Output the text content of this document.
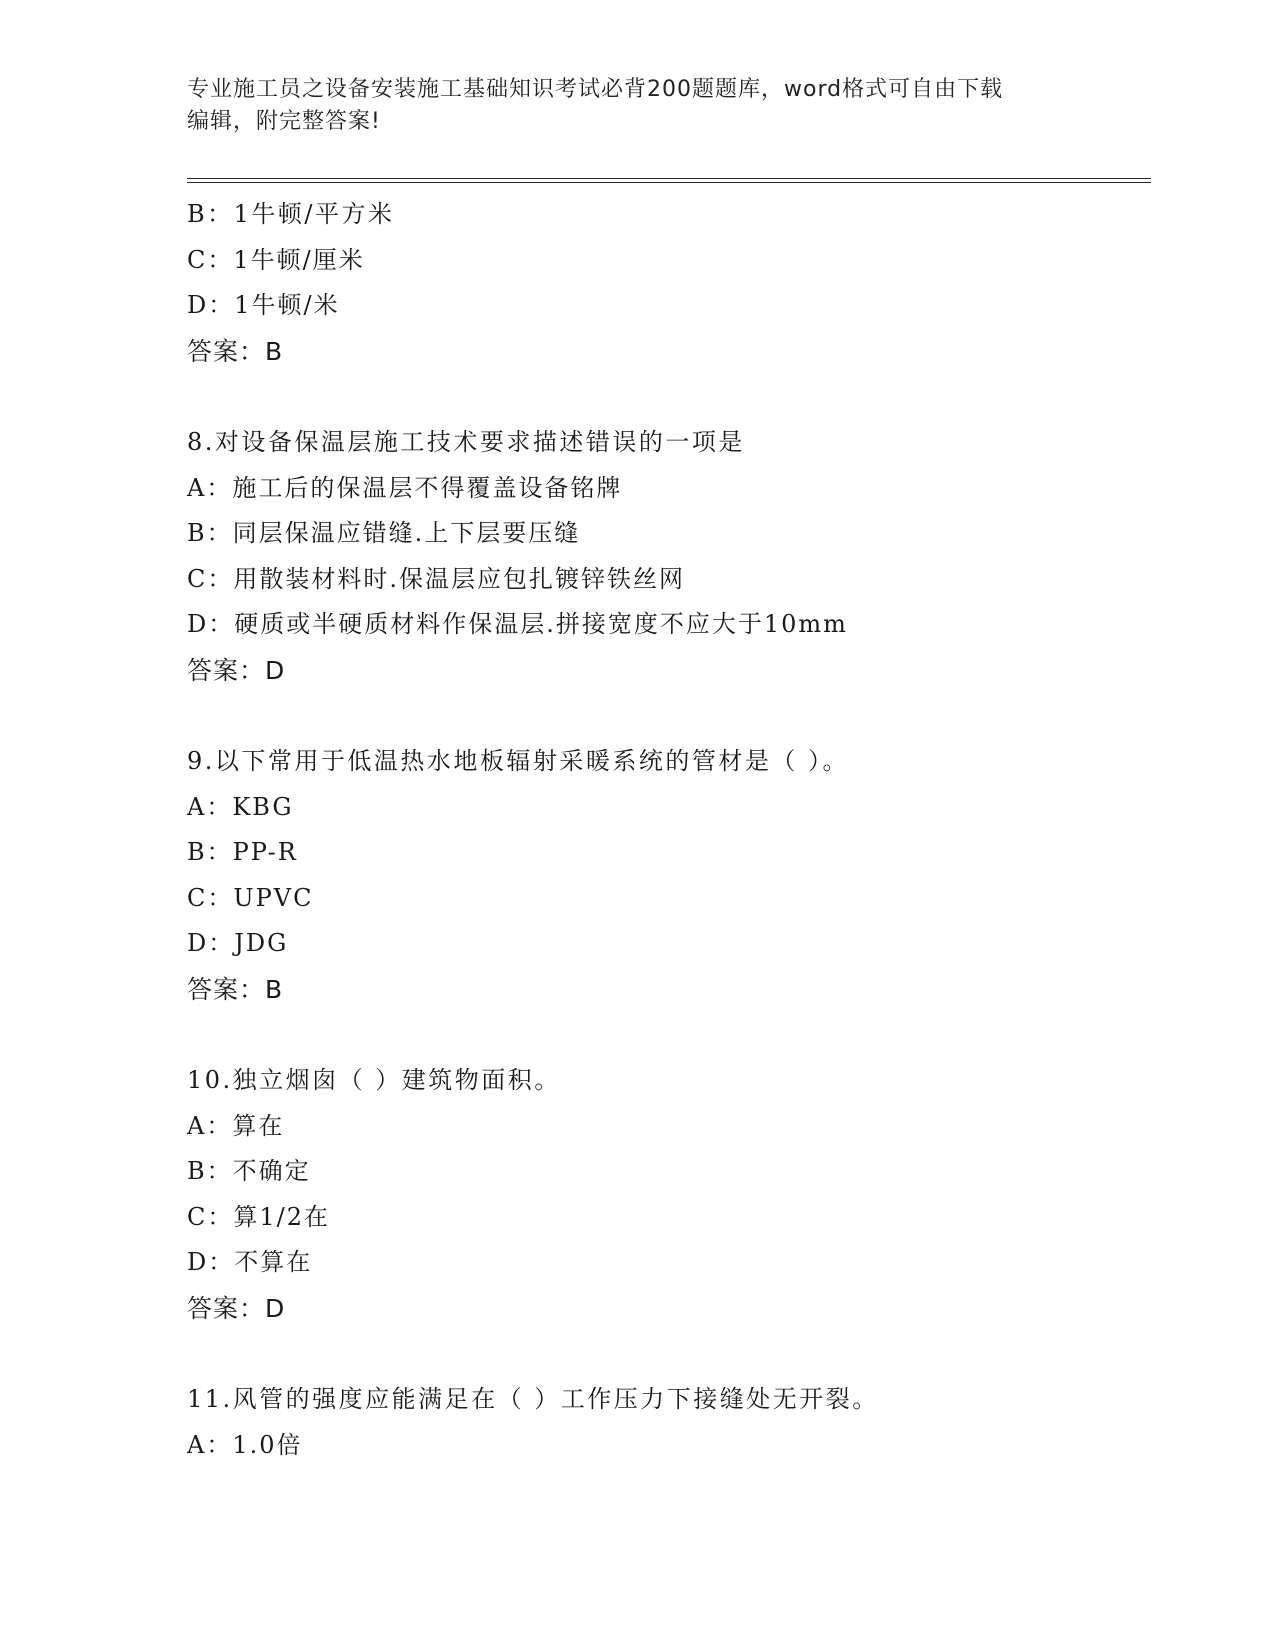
专业施工员之设备安装施工基础知识考试必背200题题库，word格式可自由下载
编辑，附完整答案!
B：1牛顿/平方米
C：1牛顿/厘米
D：1牛顿/米
答案：B
8.对设备保温层施工技术要求描述错误的一项是
A：施工后的保温层不得覆盖设备铭牌
B：同层保温应错缝.上下层要压缝
C：用散装材料时.保温层应包扎镀锌铁丝网
D：硬质或半硬质材料作保温层.拼接宽度不应大于10mm
答案：D
9.以下常用于低温热水地板辐射采暖系统的管材是（ ）。
A：KBG
B：PP-R
C：UPVC
D：JDG
答案：B
10.独立烟囱（ ）建筑物面积。
A：算在
B：不确定
C：算1/2在
D：不算在
答案：D
11.风管的强度应能满足在（ ）工作压力下接缝处无开裂。
A：1.0倍
